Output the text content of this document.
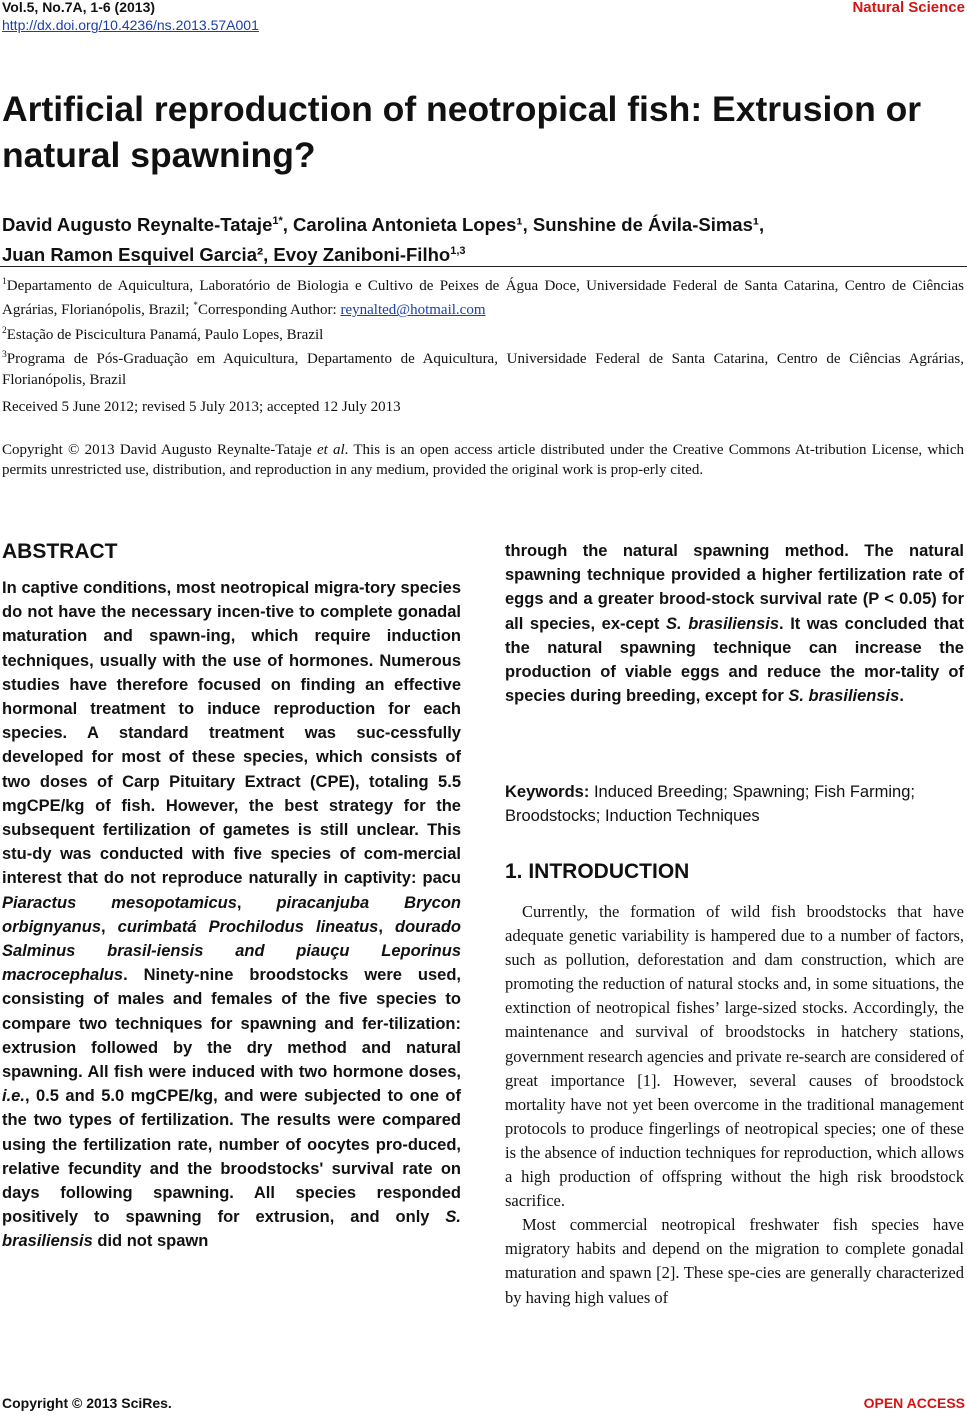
Vol.5, No.7A, 1-6 (2013)
http://dx.doi.org/10.4236/ns.2013.57A001
Natural Science
Artificial reproduction of neotropical fish: Extrusion or natural spawning?
David Augusto Reynalte-Tataje$^{1*}$, Carolina Antonieta Lopes¹, Sunshine de Ávila-Simas¹,
Juan Ramon Esquivel Garcia², Evoy Zaniboni-Filho$^{1,3}$

$^1$Departamento de Aquicultura, Laboratório de Biologia e Cultivo de Peixes de Água Doce, Universidade Federal de Santa Catarina, Centro de Ciências Agrárias, Florianópolis, Brazil; *Corresponding Author: reynalted@hotmail.com

$^2$Estação de Piscicultura Panamá, Paulo Lopes, Brazil

$^3$Programa de Pós-Graduação em Aquicultura, Departamento de Aquicultura, Universidade Federal de Santa Catarina, Centro de Ciências Agrárias, Florianópolis, Brazil

Received 5 June 2012; revised 5 July 2013; accepted 12 July 2013

Copyright © 2013 David Augusto Reynalte-Tataje et al. This is an open access article distributed under the Creative Commons At-tribution License, which permits unrestricted use, distribution, and reproduction in any medium, provided the original work is prop-erly cited.

ABSTRACT

In captive conditions, most neotropical migra-tory species do not have the necessary incen-tive to complete gonadal maturation and spawn-ing, which require induction techniques, usually with the use of hormones. Numerous studies have therefore focused on finding an effective hormonal treatment to induce reproduction for each species. A standard treatment was suc-cessfully developed for most of these species, which consists of two doses of Carp Pituitary Extract (CPE), totaling 5.5 mgCPE/kg of fish. However, the best strategy for the subsequent fertilization of gametes is still unclear. This stu-dy was conducted with five species of com-mercial interest that do not reproduce naturally in captivity: pacu Piaractus mesopotamicus, piracanjuba Brycon orbignyanus, curimbatá Prochilodus lineatus, dourado Salminus brasil-iensis and piauçu Leporinus macrocephalus. Ninety-nine broodstocks were used, consisting of males and females of the five species to compare two techniques for spawning and fer-tilization: extrusion followed by the dry method and natural spawning. All fish were induced with two hormone doses, i.e., 0.5 and 5.0 mgCPE/kg, and were subjected to one of the two types of fertilization. The results were compared using the fertilization rate, number of oocytes pro-duced, relative fecundity and the broodstocks' survival rate on days following spawning. All species responded positively to spawning for extrusion, and only S. brasiliensis did not spawn

through the natural spawning method. The natural spawning technique provided a higher fertilization rate of eggs and a greater brood-stock survival rate (P < 0.05) for all species, ex-cept S. brasiliensis. It was concluded that the natural spawning technique can increase the production of viable eggs and reduce the mor-tality of species during breeding, except for S. brasiliensis.

Keywords: Induced Breeding; Spawning; Fish Farming; Broodstocks; Induction Techniques

1. INTRODUCTION

Currently, the formation of wild fish broodstocks that have adequate genetic variability is hampered due to a number of factors, such as pollution, deforestation and dam construction, which are promoting the reduction of natural stocks and, in some situations, the extinction of neotropical fishes’ large-sized stocks. Accordingly, the maintenance and survival of broodstocks in hatchery stations, government research agencies and private re-search are considered of great importance [1]. However, several causes of broodstock mortality have not yet been overcome in the traditional management protocols to produce fingerlings of neotropical species; one of these is the absence of induction techniques for reproduction, which allows a high production of offspring without the high risk broodstock sacrifice.

Most commercial neotropical freshwater fish species have migratory habits and depend on the migration to complete gonadal maturation and spawn [2]. These spe-cies are generally characterized by having high values of

Copyright © 2013 SciRes.	OPEN ACCESS
